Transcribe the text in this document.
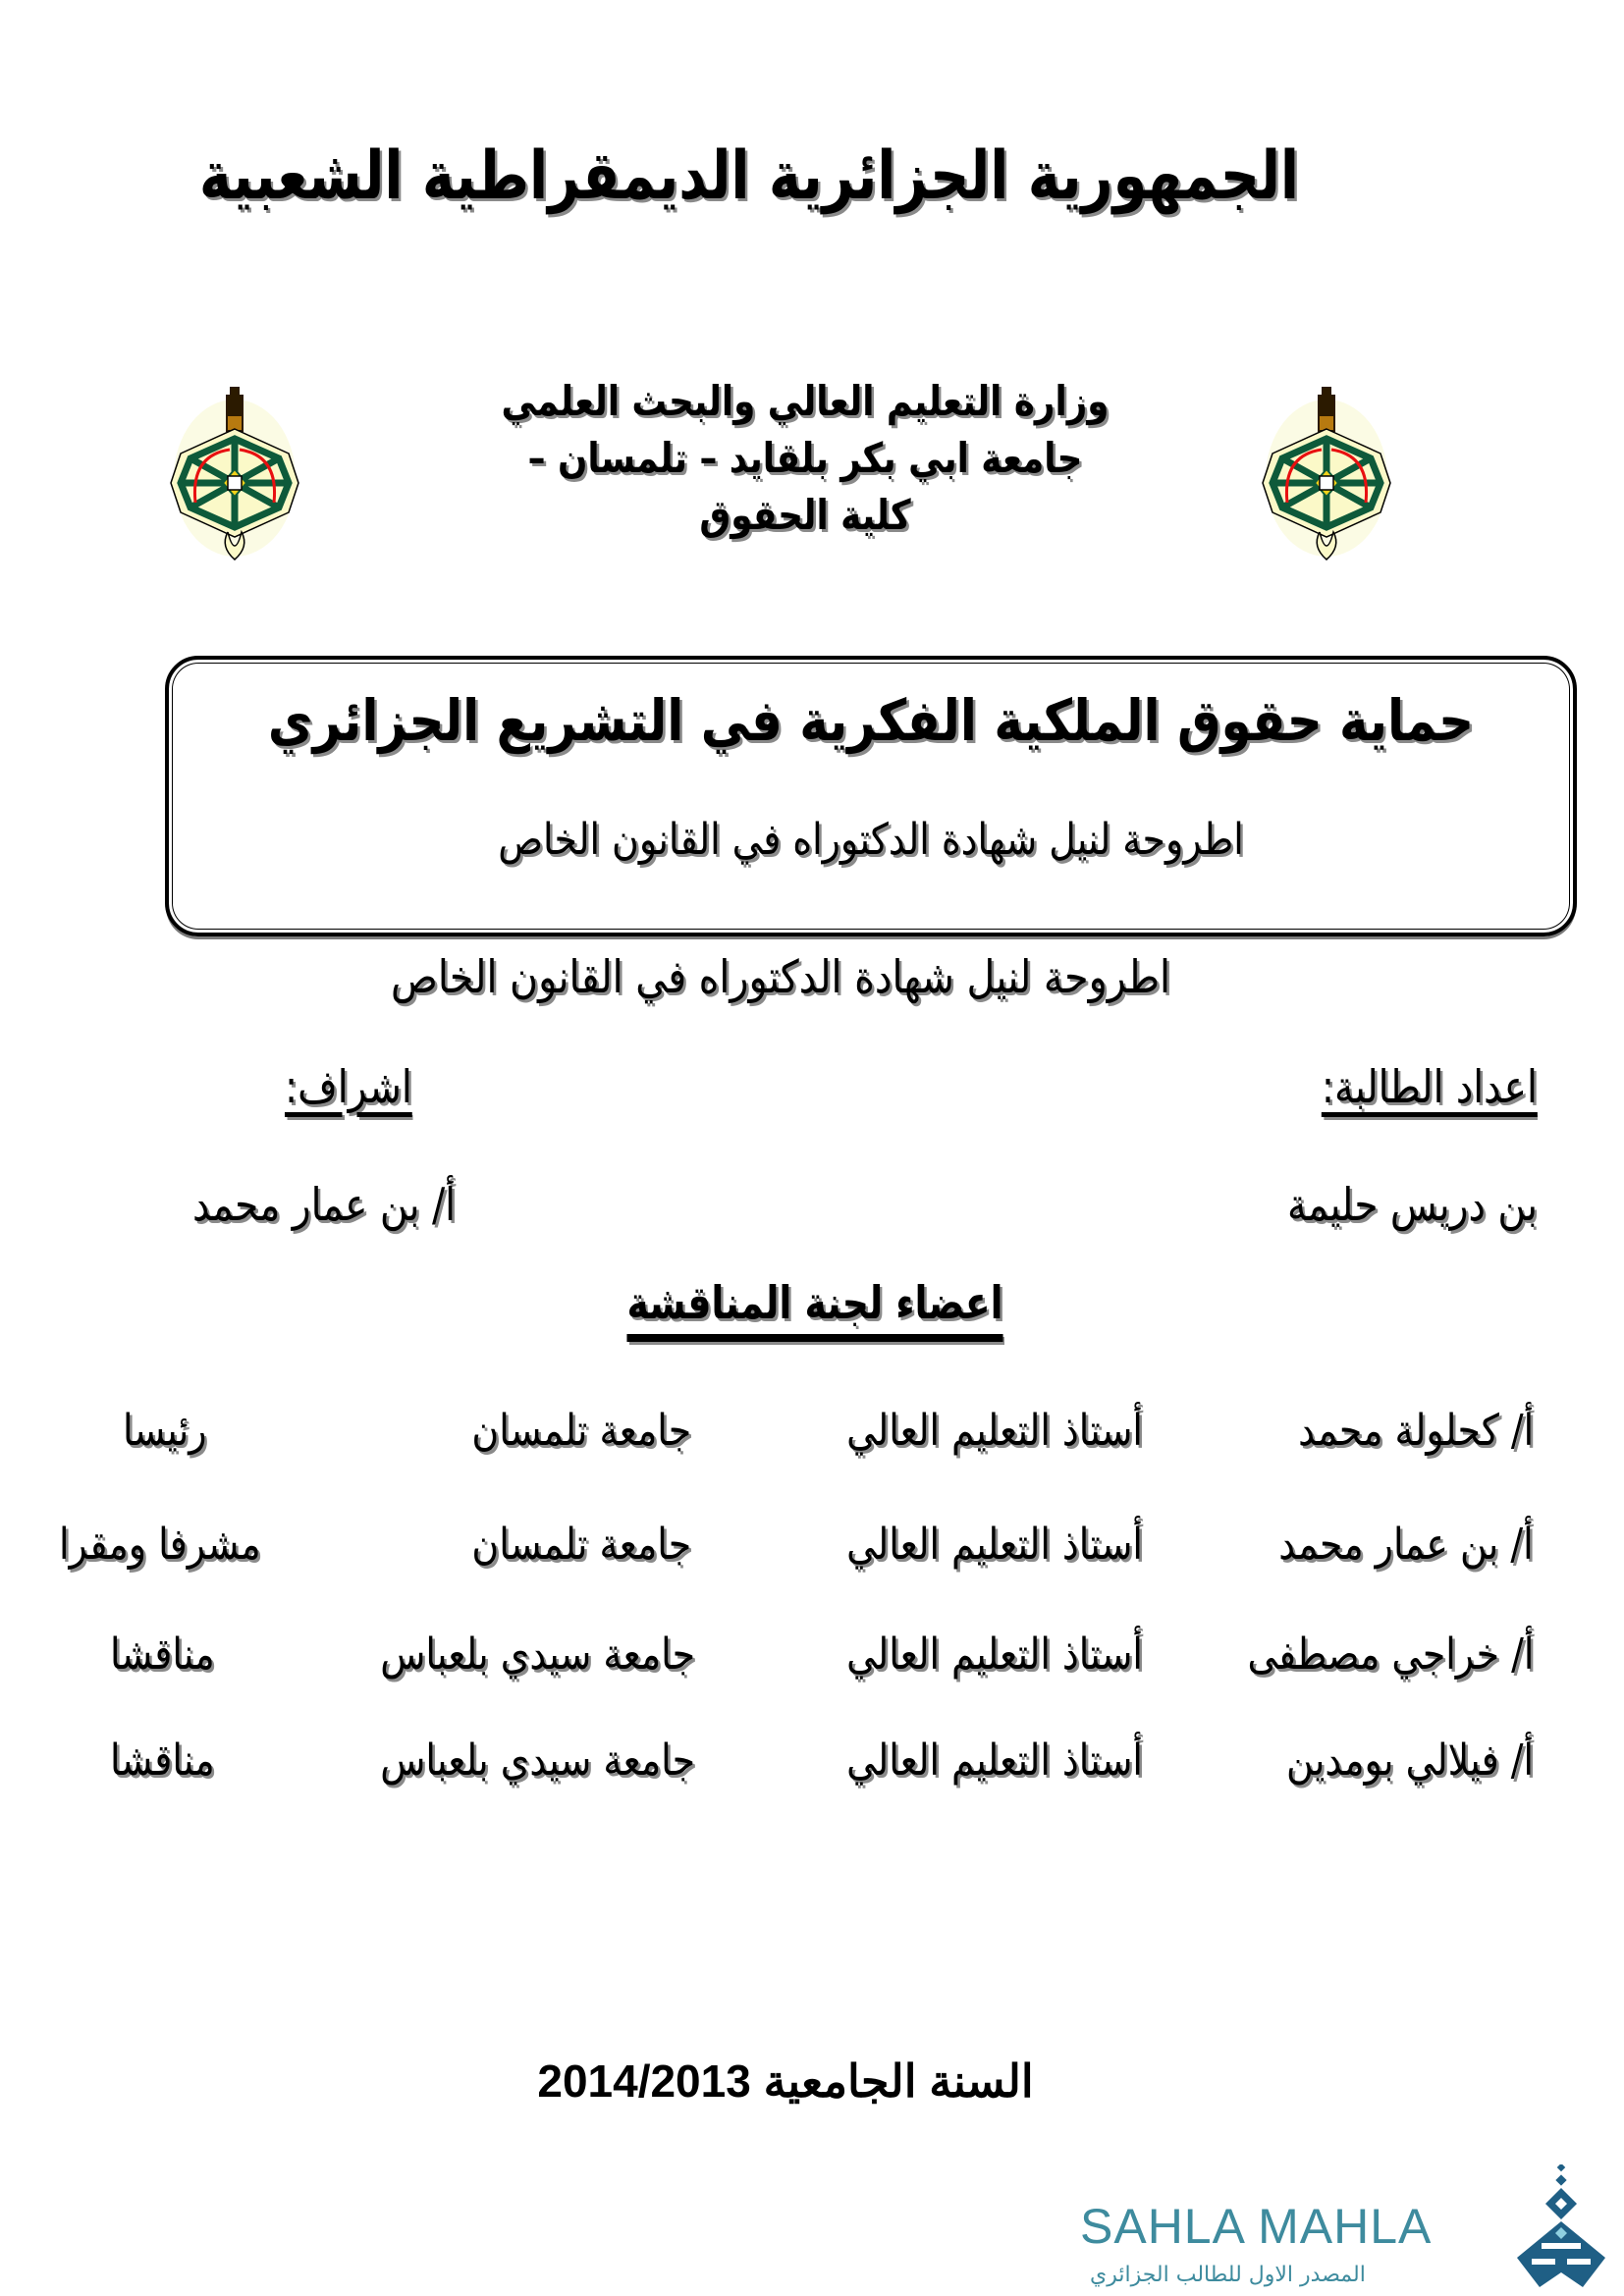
الجمهورية الجزائرية الديمقراطية الشعبية
وزارة التعليم العالي والبحث العلمي
جامعة ابي بكر بلقايد – تلمسان –
كلية الحقوق
حماية حقوق الملكية الفكرية في التشريع الجزائري
اطروحة لنيل شهادة الدكتوراه في القانون الخاص
اطروحة لنيل شهادة الدكتوراه في القانون الخاص
اعداد الطالبة:
اشراف:
بن دريس حليمة
أ/ بن عمار محمد
اعضاء لجنة المناقشة
أ/ كحلولة محمد
أستاذ التعليم العالي
جامعة تلمسان
رئيسا
أ/ بن عمار محمد
أستاذ التعليم العالي
جامعة تلمسان
مشرفا ومقرا
أ/ خراجي مصطفى
أستاذ التعليم العالي
جامعة سيدي بلعباس
مناقشا
أ/ فيلالي بومدين
أستاذ التعليم العالي
جامعة سيدي بلعباس
مناقشا
السنة الجامعية 2014/2013
SAHLA MAHLA
المصدر الاول للطالب الجزائري
